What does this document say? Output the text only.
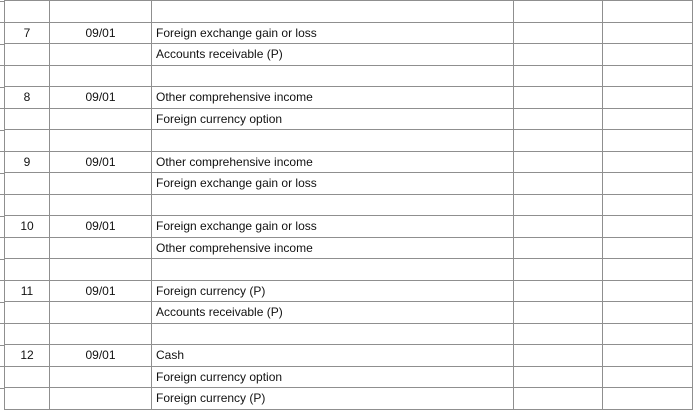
7	09/01	Foreign exchange gain or loss		
		Accounts receivable (P)		

8	09/01	Other comprehensive income		
		Foreign currency option		

9	09/01	Other comprehensive income		
		Foreign exchange gain or loss		

10	09/01	Foreign exchange gain or loss		
		Other comprehensive income		

11	09/01	Foreign currency (P)		
		Accounts receivable (P)		

12	09/01	Cash		
		Foreign currency option		
		Foreign currency (P)		
